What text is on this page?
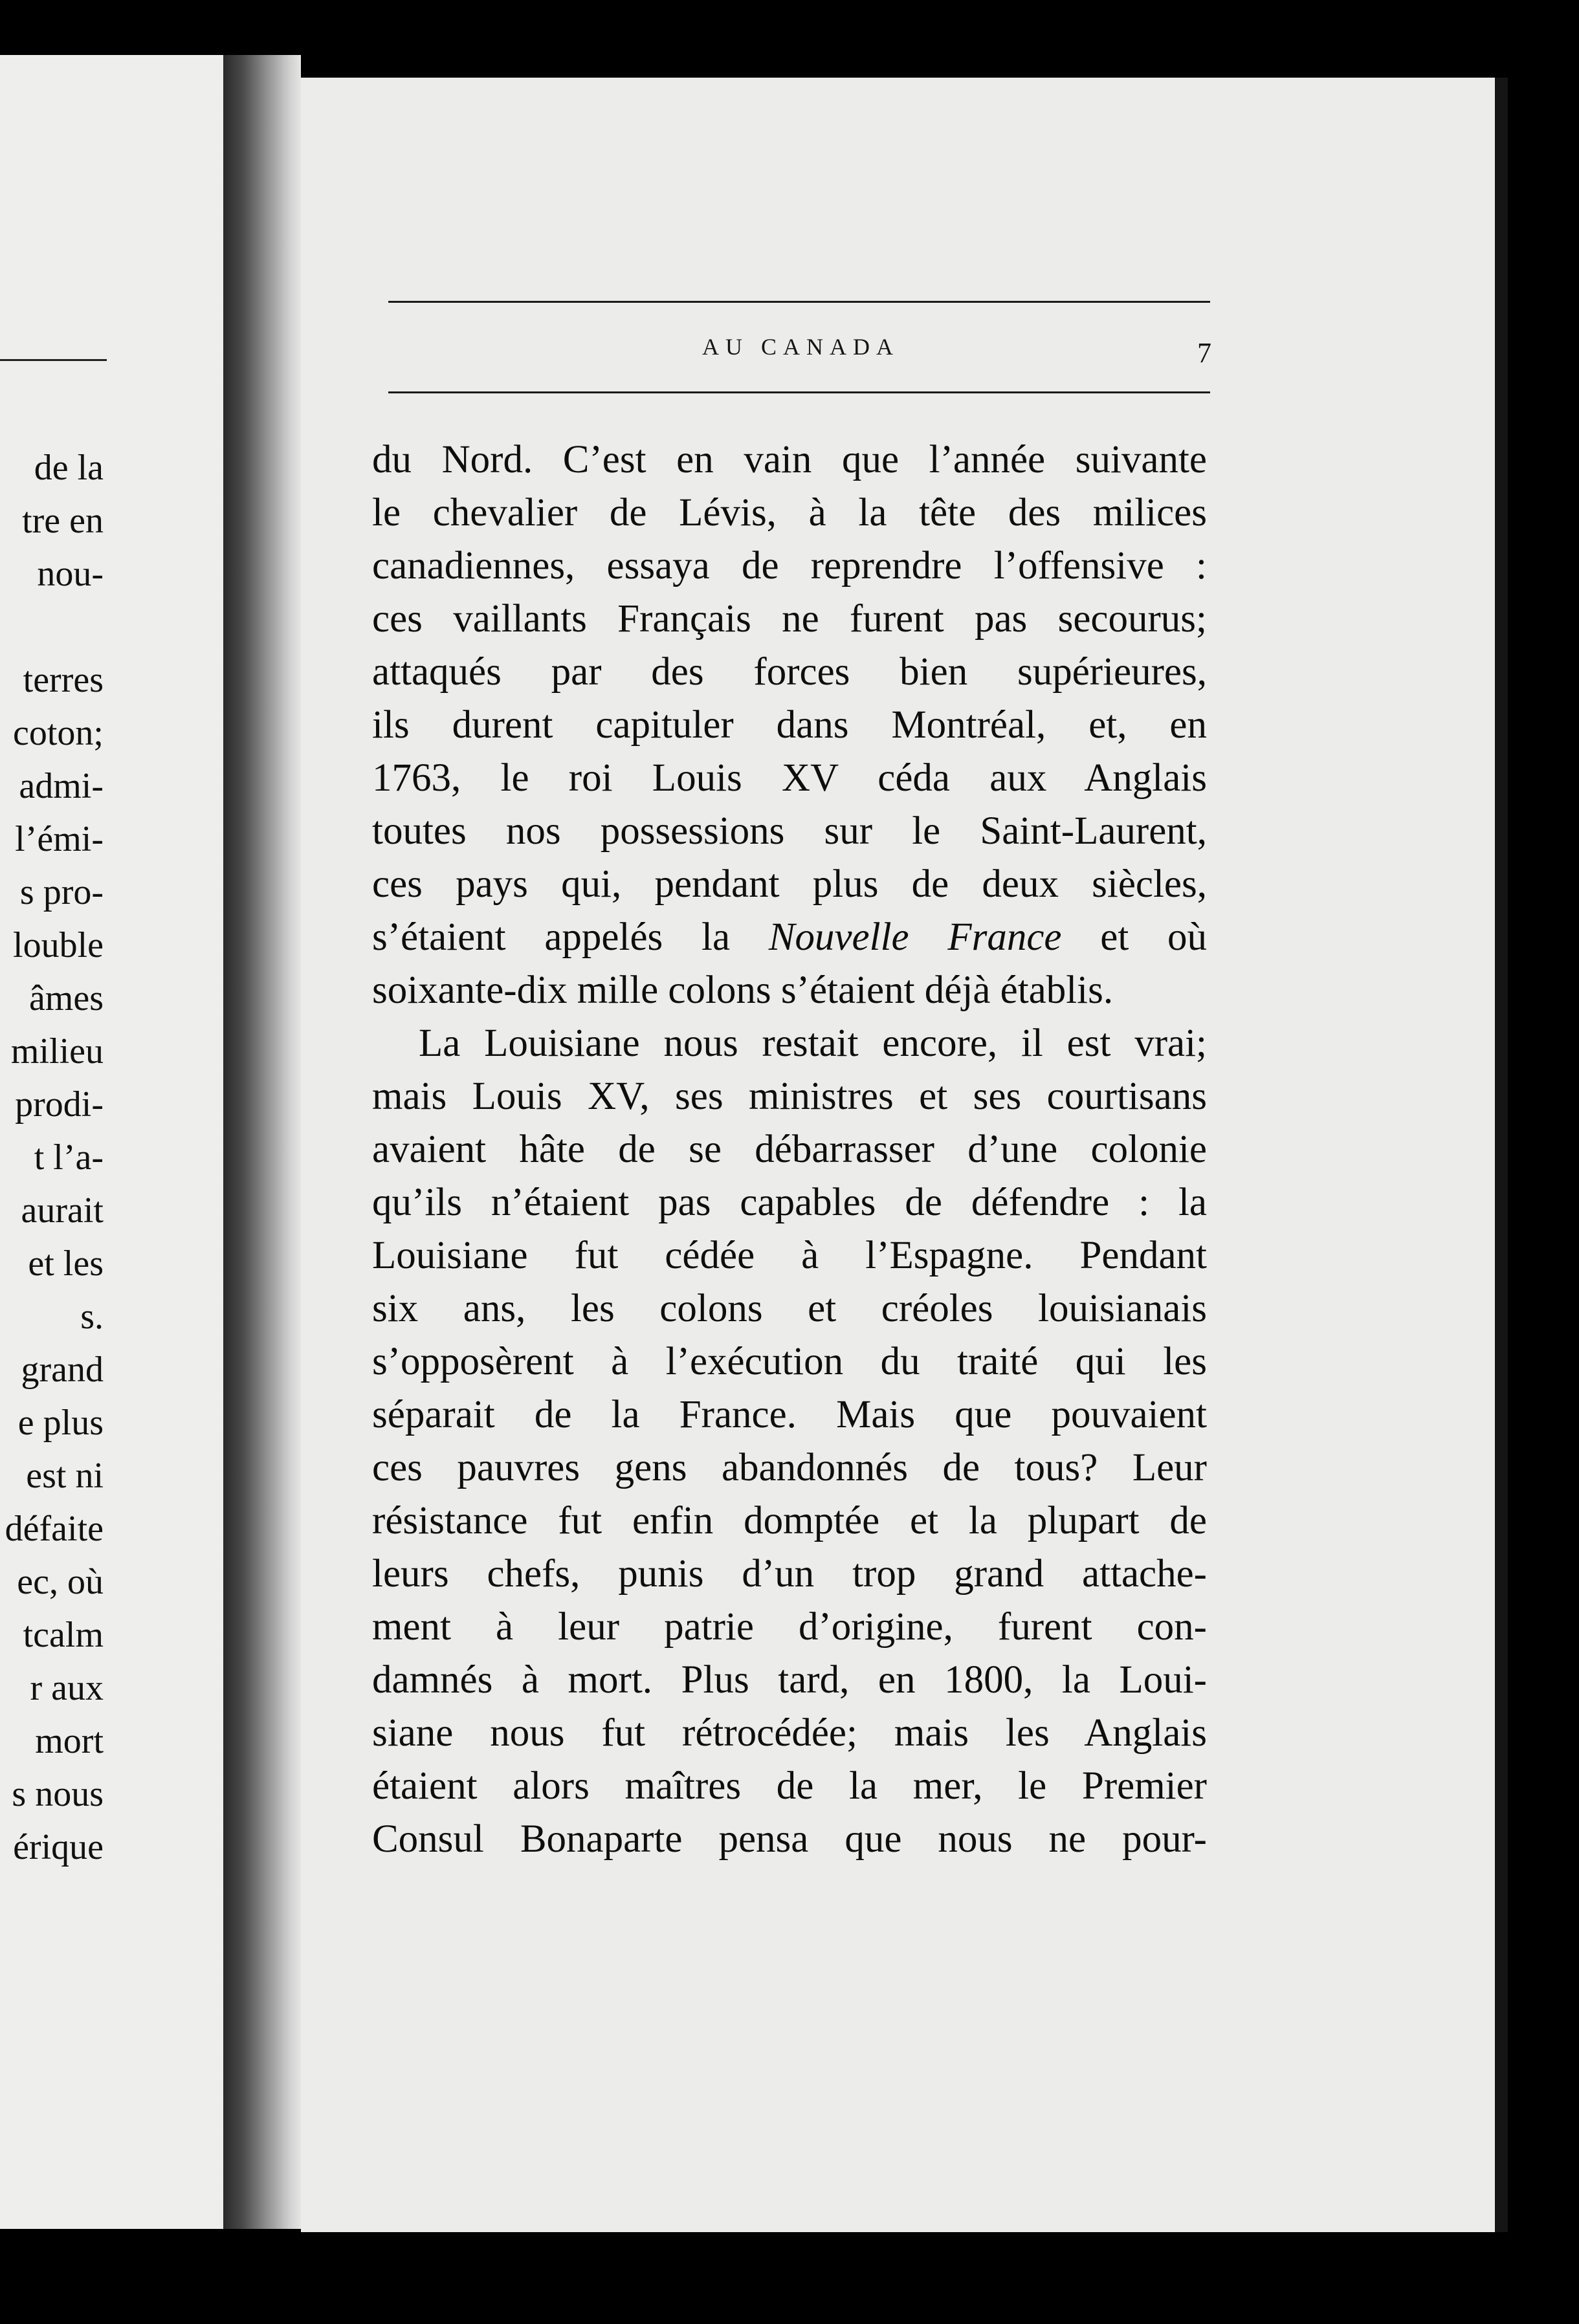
de la
tre en
nou-
terres
coton;
admi-
l’émi-
s pro-
louble
âmes
milieu
prodi-
t l’a-
aurait
et les
s.
grand
e plus
est ni
défaite
ec, où
tcalm
r aux
mort
s nous
érique
AU CANADA	7
du Nord. C’est en vain que l’année suivante
le chevalier de Lévis, à la tête des milices
canadiennes, essaya de reprendre l’offensive :
ces vaillants Français ne furent pas secourus;
attaqués par des forces bien supérieures,
ils durent capituler dans Montréal, et, en
1763, le roi Louis XV céda aux Anglais
toutes nos possessions sur le Saint-Laurent,
ces pays qui, pendant plus de deux siècles,
s’étaient appelés la Nouvelle France et où
soixante-dix mille colons s’étaient déjà établis.
La Louisiane nous restait encore, il est vrai;
mais Louis XV, ses ministres et ses courtisans
avaient hâte de se débarrasser d’une colonie
qu’ils n’étaient pas capables de défendre : la
Louisiane fut cédée à l’Espagne. Pendant
six ans, les colons et créoles louisianais
s’opposèrent à l’exécution du traité qui les
séparait de la France. Mais que pouvaient
ces pauvres gens abandonnés de tous? Leur
résistance fut enfin domptée et la plupart de
leurs chefs, punis d’un trop grand attache-
ment à leur patrie d’origine, furent con-
damnés à mort. Plus tard, en 1800, la Loui-
siane nous fut rétrocédée; mais les Anglais
étaient alors maîtres de la mer, le Premier
Consul Bonaparte pensa que nous ne pour-
